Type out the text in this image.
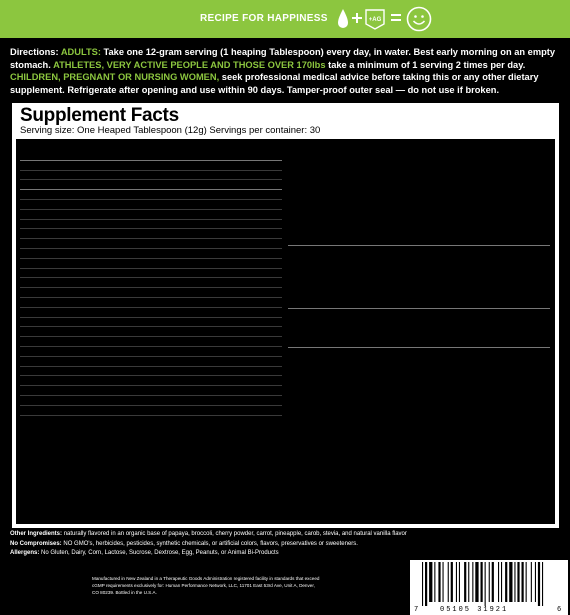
RECIPE FOR HAPPINESS	+AG
Directions: ADULTS: Take one 12-gram serving (1 heaping Tablespoon) every day, in water. Best early morning on an empty stomach. ATHLETES, VERY ACTIVE PEOPLE AND THOSE OVER 170lbs take a minimum of 1 serving 2 times per day. CHILDREN, PREGNANT OR NURSING WOMEN, seek professional medical advice before taking this or any other dietary supplement. Refrigerate after opening and use within 90 days. Tamper-proof outer seal — do not use if broken.
Supplement Facts
Serving size: One Heaped Tablespoon (12g) Servings per container: 30
Amount Per Serving	% DV
Calories	40
Total Carbohydrate	4.8g	2%
Dietary Fiber	1.9g	8%*
Sugars	0.045g	†
Protein	4g	12%
Vitamin A (as beta-carotene)	4000IU	80%
Vitamin C (ascorbic acid)	420mg	704%
Vitamin E (as d-alpha tocopherol succinate)	100IU	332%
Vitamin K2 (as menaquinone-7)	80mcg	†
Thiamin (Vitamin B1) (as thiamine hydrochloride)	2.8mg	187%
Riboflavin (Vitamin B2)	2mg	118%
Niacin (as nicotinic acid, nicotinamide)	20mg	100%
Vitamin B6 (as pyridoxine hydrochloride)	3.2mg	160%
Folate (folic acid)	400mcg	202%
Vitamin B12 (as cyanocobalamin)	26mcg	433%
Biotin	330mcg	110%
Pantothenic acid (as calcium pantothenate)	3.5mg	35%
Calcium (as calcium citrate, calcium phosphate)	440mg	44%
Phosphorus (as potassium phosphate)	280mg	28%
Magnesium (as magnesium citrate)	200mg	50%
Zinc (as zinc amino acid chelate)	20mg	133%
Selenium (as selenomethionine)	60mcg	86%
Copper (as copper gluconate)	1.5mg	75%
Manganese (as manganese amino acid chelate)	2mg	100%
Chromium (as chromium picolinate)	100mcg	83%
Sodium (in plant matter)	28mg	1%
Potassium (in plant matter)	300mg	8.3%
INGREDIENTS	Amount Per Serving	%DV*
Alkaline, Nutrient-Dense Raw Superfood Complex
8393mg †
Organic spirulina, lecithin (95% phosphatides), organic apple powder, organic inulin (FOS prebiotics), organic wheatgrass juice powder (leaf), organic alfalfa powder (leaf), organic chlorella powder, organic flaxseed powder, organic barley leaf powder, acerola cherry fruit juice powder extract (10:1), organic broccoli flower powder, carica papaya powder (fruit), pineapple fresh fruit concentrate (10:1), organic bilberry fresh fruit extract (100:1), organic red beet juice powder (fruit), rosehip (rosa canina) fruit powder, carrot root powder, organic spinach leaf powder, cocoa bean polyphenol extract, grapeseed extract (120:1) (std. 95% OPC), green tea (camellia sinensis) extract (leaf) (10:1), licorice root powder, wolfberry (goji) fruit extract (5:1), ginger rhizome powder, slippery elm (ulmus rubra) bark powder, kelp whole plant powder.
Nutrient Dense Natural Extracts, Herbs & Antioxidants
3063mg †
Alkaline pea protein isolate, citrus bioflavonoids extract, globe artichoke leaf extract (15:1), citric acid (anhydrous), eleutherococcus senticosus root extract (10:1), gotu kola extract (4:1), rosemary leaf extract (4:1), milk thistle seed extract (70:1), alpha-lipoic acid, withania somnifera (ashwagandha) root extract (20:1), dandelion root extract (5:1), beta glucans, policosanol, co-enzyme Q-10 (ubidecarenone).
Digestive Enzyme & Super Mushroom Complex
220mg †
Astragalus membranaceus root extract (20:1), bromelian (dietary enzyme), burdock root powder, reishi mushroom powder, shiitake mushroom powder.
Dairy Free Probiotics
Lactobacillus acidophilus (freeze dried non-diary Pro-biotics) 3.5billion †
Bifidobacterium bifidum (freeze dried non-diary Pro-biotics) 3.5billion †
* Percent Daily Values (%DV) are based on a 2000 calorie diet.	† Daily Value Not Established
Other Ingredients: naturally flavored in an organic base of papaya, broccoli, cherry powder, carrot, pineapple, carob, stevia, and natural vanilla flavor
No Compromises: NO GMO's, herbicides, pesticides, synthetic chemicals, or artificial colors, flavors, preservatives or sweeteners.
Allergens: No Gluten, Dairy, Corn, Lactose, Sucrose, Dextrose, Egg, Peanuts, or Animal Bi-Products
Manufactured in New Zealand in a Therapeutic Goods Administration registered facility in standards that exceed cGMP requirements exclusively for: Human Performance Network, LLC, 11701 East 53rd Ave, Unit A, Denver, CO 80239. Bottled in the U.S.A.
7	05105 31921	6
